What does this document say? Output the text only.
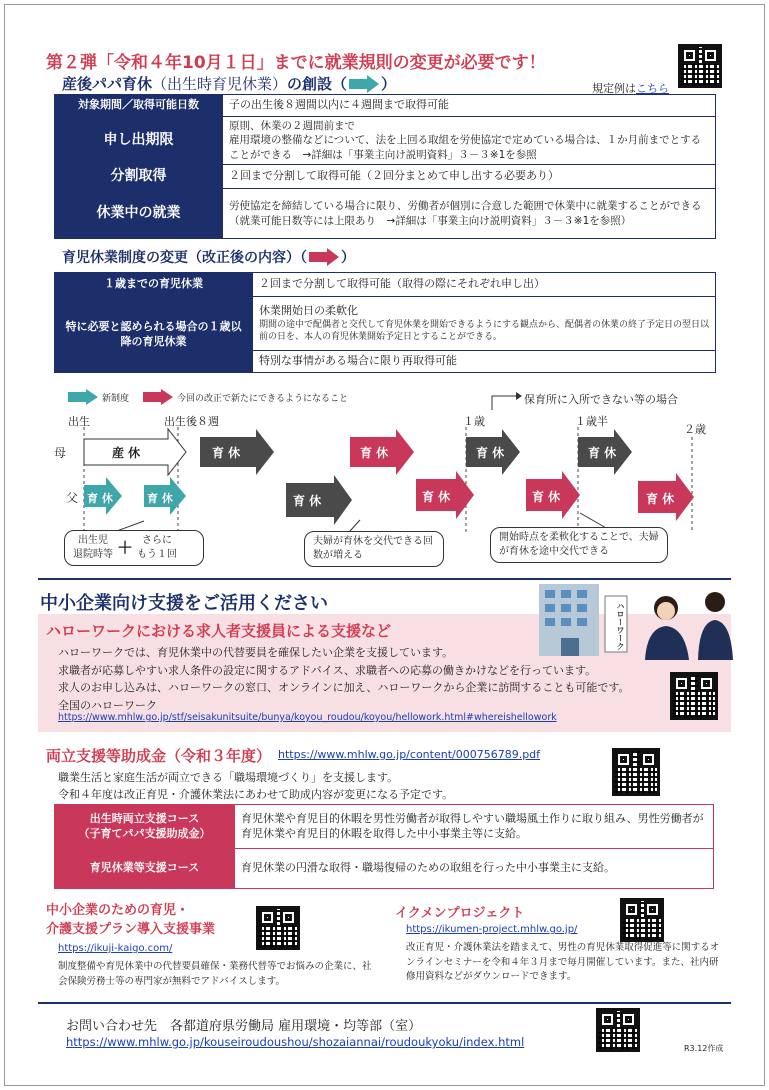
第２弾「令和４年10月１日」までに就業規則の変更が必要です！
産後パパ育休 （出生時育児休業） の創設（ ）	規定例はこちら
対象期間／取得可能日数	子の出生後８週間以内に４週間まで取得可能
申し出期限	原則、休業の２週間前まで
雇用環境の整備などについて、法を上回る取組を労使協定で定めている場合は、１か月前までとすることができる　→詳細は「事業主向け説明資料」３－３※1を参照
分割取得	２回まで分割して取得可能（２回分まとめて申し出する必要あり）
休業中の就業	労使協定を締結している場合に限り、労働者が個別に合意した範囲で休業中に就業することができる（就業可能日数等には上限あり　→詳細は「事業主向け説明資料」３－３※1を参照）
育児休業制度の変更（改正後の内容）（ ）
１歳までの育児休業	２回まで分割して取得可能（取得の際にそれぞれ申し出）
特に必要と認められる場合の１歳以降の育児休業	休業開始日の柔軟化
期間の途中で配偶者と交代して育児休業を開始できるようにする観点から、配偶者の休業の終了予定日の翌日以前の日を、本人の育児休業開始予定日とすることができる。

	特別な事情がある場合に限り再取得可能
新制度	今回の改正で新たにできるようになること	保育所に入所できない等の場合
出生	出生後８週	１歳	１歳半
２歳
母
父
産 休	育 休	育 休	育 休	育 休
育 休	育 休	育 休	育 休	育 休	育 休
出生児
退院時等 ＋ さらに
もう１回
夫婦が育休を交代できる回数が増える
開始時点を柔軟化することで、夫婦が育休を途中交代できる
中小企業向け支援をご活用ください
ハローワークにおける求人者支援員による支援など
ハローワークでは、育児休業中の代替要員を確保したい企業を支援しています。
求職者が応募しやすい求人条件の設定に関するアドバイス、求職者への応募の働きかけなどを行っています。
求人のお申し込みは、ハローワークの窓口、オンラインに加え、ハローワークから企業に訪問することも可能です。
全国のハローワーク
https://www.mhlw.go.jp/stf/seisakunitsuite/bunya/koyou_roudou/koyou/hellowork.html#whereishellowork
ハローワーク
両立支援等助成金（令和３年度） https://www.mhlw.go.jp/content/000756789.pdf
職業生活と家庭生活が両立できる「職場環境づくり」を支援します。
令和４年度は改正育児・介護休業法にあわせて助成内容が変更になる予定です。
出生時両立支援コース
（子育てパパ支援助成金）	育児休業や育児目的休暇を男性労働者が取得しやすい職場風土作りに取り組み、男性労働者が育児休業や育児目的休暇を取得した中小事業主等に支給。
育児休業等支援コース	育児休業の円滑な取得・職場復帰のための取組を行った中小事業主に支給。
中小企業のための育児・
介護支援プラン導入支援事業
https://ikuji-kaigo.com/
制度整備や育児休業中の代替要員確保・業務代替等でお悩みの企業に、社会保険労務士等の専門家が無料でアドバイスします。
イクメンプロジェクト
https://ikumen-project.mhlw.go.jp/
改正育児・介護休業法を踏まえて、男性の育児休業取得促進等に関するオンラインセミナーを令和４年３月まで毎月開催しています。また、社内研修用資料などがダウンロードできます。
お問い合わせ先　各都道府県労働局 雇用環境・均等部（室）
https://www.mhlw.go.jp/kouseiroudoushou/shozaiannai/roudoukyoku/index.html	R3.12作成
